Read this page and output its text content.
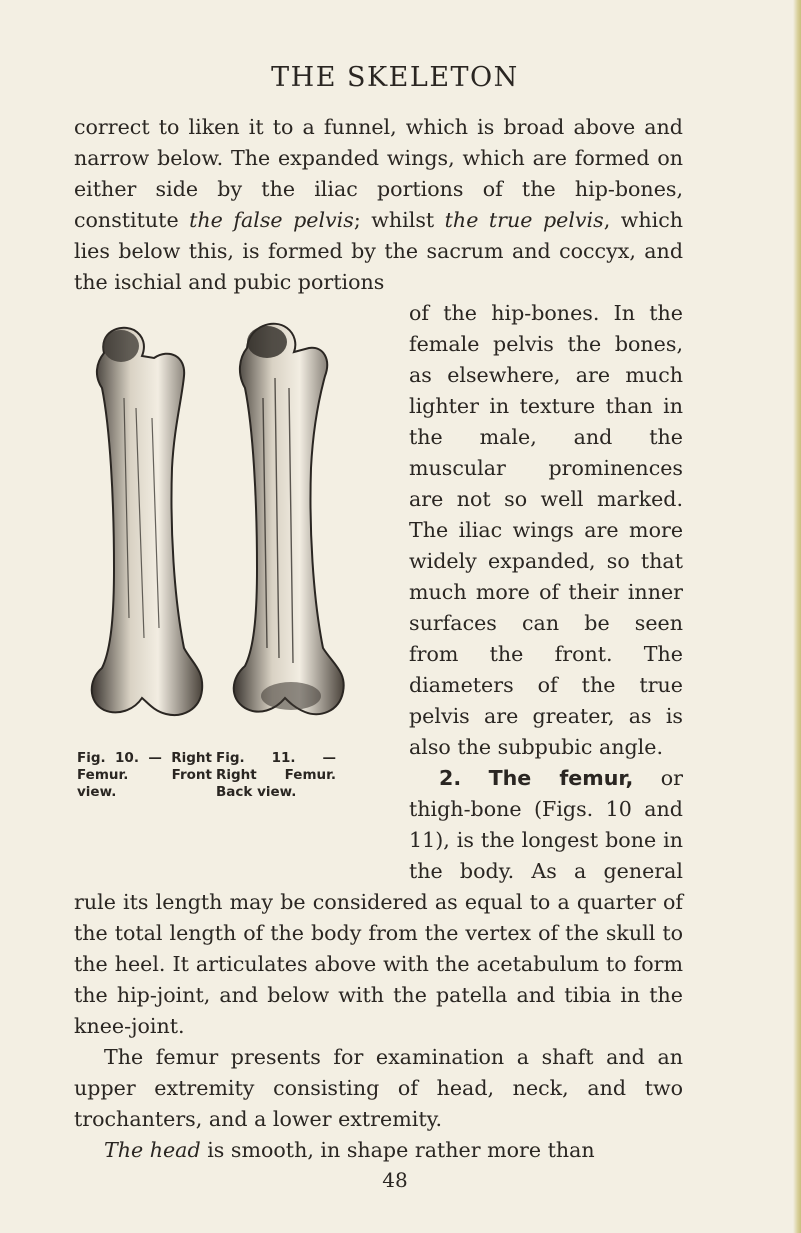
THE SKELETON

correct to liken it to a funnel, which is broad above and narrow below. The expanded wings, which are formed on either side by the iliac portions of the hip-bones, constitute the false pelvis; whilst the true pelvis, which lies below this, is formed by the sacrum and coccyx, and the ischial and pubic portions

Fig. 10. — Right Femur. Front view.
Fig. 11. — Right Femur. Back view.

of the hip-bones. In the female pelvis the bones, as elsewhere, are much lighter in texture than in the male, and the muscular prominences are not so well marked. The iliac wings are more widely expanded, so that much more of their inner surfaces can be seen from the front. The diameters of the true pelvis are greater, as is also the subpubic angle.

2. The femur, or thigh-bone (Figs. 10 and 11), is the longest bone in the body. As a general rule its length may be considered as equal to a quarter of the total length of the body from the vertex of the skull to the heel. It articulates above with the acetabulum to form the hip-joint, and below with the patella and tibia in the knee-joint.

The femur presents for examination a shaft and an upper extremity consisting of head, neck, and two trochanters, and a lower extremity.

The head is smooth, in shape rather more than

48
